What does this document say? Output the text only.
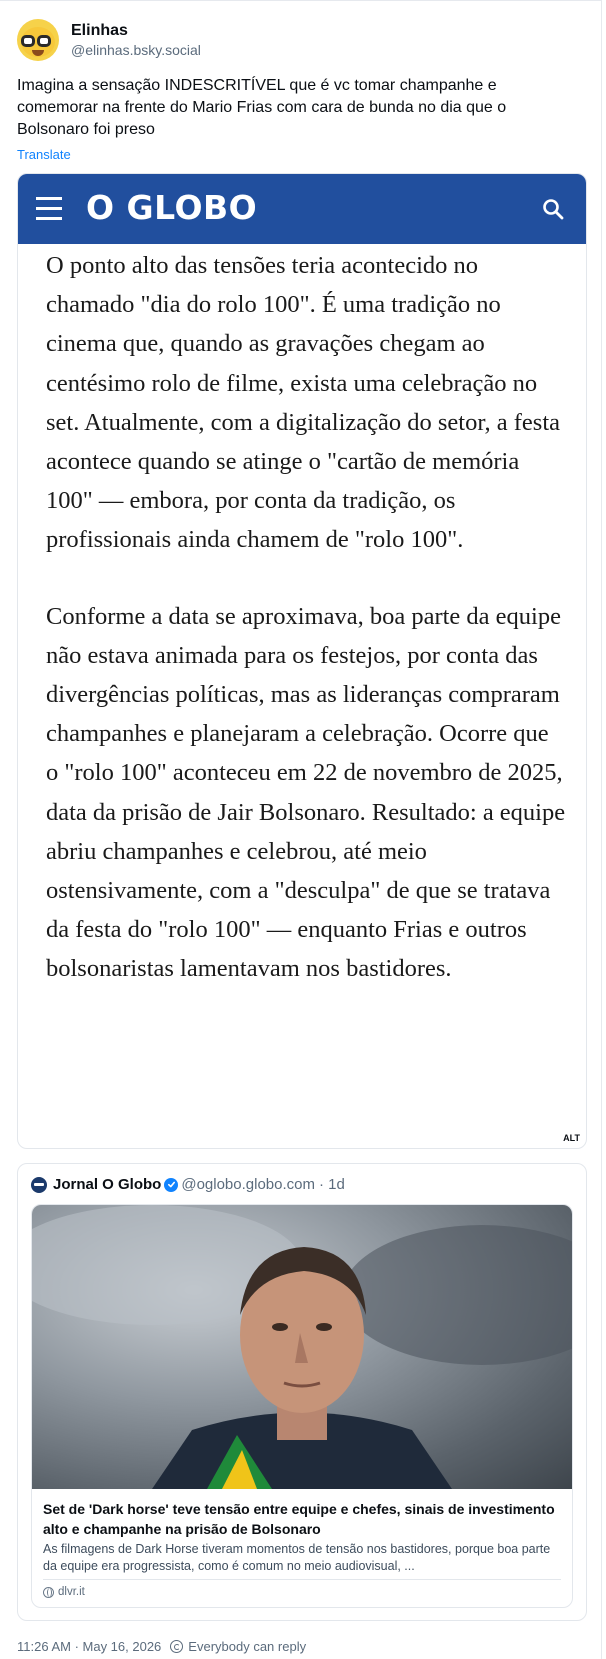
Elinhas
@elinhas.bsky.social
Imagina a sensação INDESCRITÍVEL que é vc tomar champanhe e comemorar na frente do Mario Frias com cara de bunda no dia que o Bolsonaro foi preso
Translate
O GLOBO

O ponto alto das tensões teria acontecido no chamado "dia do rolo 100". É uma tradição no cinema que, quando as gravações chegam ao centésimo rolo de filme, exista uma celebração no set. Atualmente, com a digitalização do setor, a festa acontece quando se atinge o "cartão de memória 100" — embora, por conta da tradição, os profissionais ainda chamem de "rolo 100".

Conforme a data se aproximava, boa parte da equipe não estava animada para os festejos, por conta das divergências políticas, mas as lideranças compraram champanhes e planejaram a celebração. Ocorre que o "rolo 100" aconteceu em 22 de novembro de 2025, data da prisão de Jair Bolsonaro. Resultado: a equipe abriu champanhes e celebrou, até meio ostensivamente, com a "desculpa" de que se tratava da festa do "rolo 100" — enquanto Frias e outros bolsonaristas lamentavam nos bastidores.

ALT
Jornal O Globo @oglobo.globo.com · 1d
Set de 'Dark horse' teve tensão entre equipe e chefes, sinais de investimento alto e champanhe na prisão de Bolsonaro
As filmagens de Dark Horse tiveram momentos de tensão nos bastidores, porque boa parte da equipe era progressista, como é comum no meio audiovisual, ...
dlvr.it
11:26 AM · May 16, 2026 Everybody can reply
